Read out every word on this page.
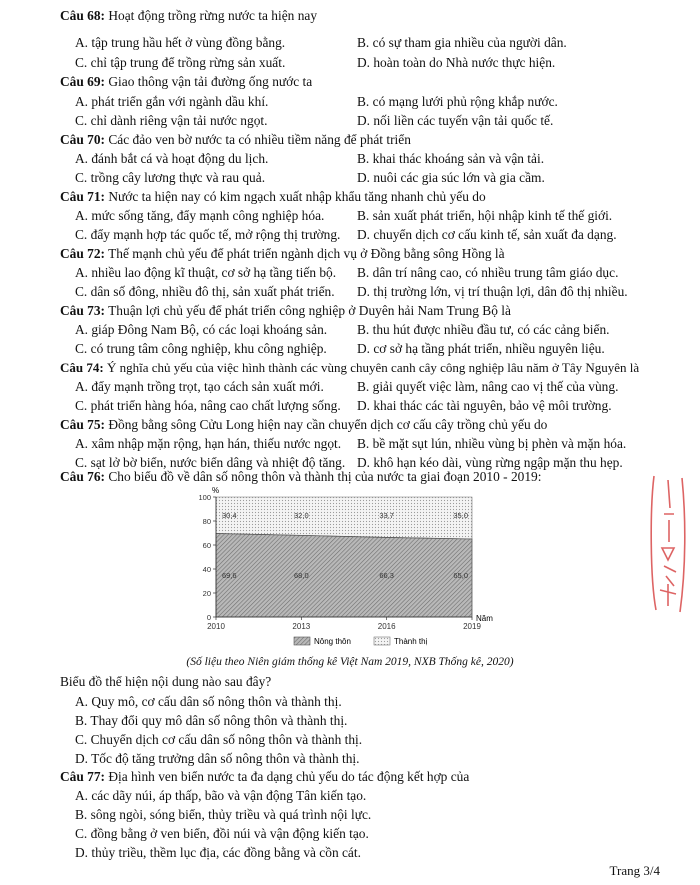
Câu 68: Hoạt động trồng rừng nước ta hiện nay
A. tập trung hầu hết ở vùng đồng bằng.	B. có sự tham gia nhiều của người dân.
C. chỉ tập trung để trồng rừng sản xuất.	D. hoàn toàn do Nhà nước thực hiện.
Câu 69: Giao thông vận tải đường ống nước ta
A. phát triển gắn với ngành dầu khí.	B. có mạng lưới phủ rộng khắp nước.
C. chỉ dành riêng vận tải nước ngọt.	D. nối liền các tuyến vận tải quốc tế.
Câu 70: Các đảo ven bờ nước ta có nhiều tiềm năng để phát triển
A. đánh bắt cá và hoạt động du lịch.	B. khai thác khoáng sản và vận tải.
C. trồng cây lương thực và rau quả.	D. nuôi các gia súc lớn và gia cầm.
Câu 71: Nước ta hiện nay có kim ngạch xuất nhập khẩu tăng nhanh chủ yếu do
A. mức sống tăng, đẩy mạnh công nghiệp hóa. B. sản xuất phát triển, hội nhập kinh tế thế giới.
C. đẩy mạnh hợp tác quốc tế, mở rộng thị trường. D. chuyển dịch cơ cấu kinh tế, sản xuất đa dạng.
Câu 72: Thế mạnh chủ yếu để phát triển ngành dịch vụ ở Đồng bằng sông Hồng là
A. nhiều lao động kĩ thuật, cơ sở hạ tầng tiến bộ. B. dân trí nâng cao, có nhiều trung tâm giáo dục.
C. dân số đông, nhiều đô thị, sản xuất phát triển. D. thị trường lớn, vị trí thuận lợi, dân đô thị nhiều.
Câu 73: Thuận lợi chủ yếu để phát triển công nghiệp ở Duyên hải Nam Trung Bộ là
A. giáp Đông Nam Bộ, có các loại khoáng sản. B. thu hút được nhiều đầu tư, có các cảng biển.
C. có trung tâm công nghiệp, khu công nghiệp. D. cơ sở hạ tầng phát triển, nhiều nguyên liệu.
Câu 74: Ý nghĩa chủ yếu của việc hình thành các vùng chuyên canh cây công nghiệp lâu năm ở Tây Nguyên là
A. đẩy mạnh trồng trọt, tạo cách sản xuất mới. B. giải quyết việc làm, nâng cao vị thế của vùng.
C. phát triển hàng hóa, nâng cao chất lượng sống. D. khai thác các tài nguyên, bảo vệ môi trường.
Câu 75: Đồng bằng sông Cửu Long hiện nay cần chuyển dịch cơ cấu cây trồng chủ yếu do
A. xâm nhập mặn rộng, hạn hán, thiếu nước ngọt. B. bề mặt sụt lún, nhiều vùng bị phèn và mặn hóa.
C. sạt lở bờ biển, nước biển dâng và nhiệt độ tăng. D. khô hạn kéo dài, vùng rừng ngập mặn thu hẹp.
Câu 76: Cho biểu đồ về dân số nông thôn và thành thị của nước ta giai đoạn 2010 - 2019:
%
0
20
40
60
80
100
2010	2013	2016	2019
30,4
69,6
32,0
68,0
33,7
66,3
35,0
65,0
Năm
Nông thôn	Thành thị
(Số liệu theo Niên giám thống kê Việt Nam 2019, NXB Thống kê, 2020)
Biểu đồ thể hiện nội dung nào sau đây?
A. Quy mô, cơ cấu dân số nông thôn và thành thị.
B. Thay đổi quy mô dân số nông thôn và thành thị.
C. Chuyển dịch cơ cấu dân số nông thôn và thành thị.
D. Tốc độ tăng trưởng dân số nông thôn và thành thị.
Câu 77: Địa hình ven biển nước ta đa dạng chủ yếu do tác động kết hợp của
A. các dãy núi, áp thấp, bão và vận động Tân kiến tạo.
B. sông ngòi, sóng biển, thủy triều và quá trình nội lực.
C. đồng bằng ở ven biển, đồi núi và vận động kiến tạo.
D. thủy triều, thềm lục địa, các đồng bằng và cồn cát.
Trang 3/4
